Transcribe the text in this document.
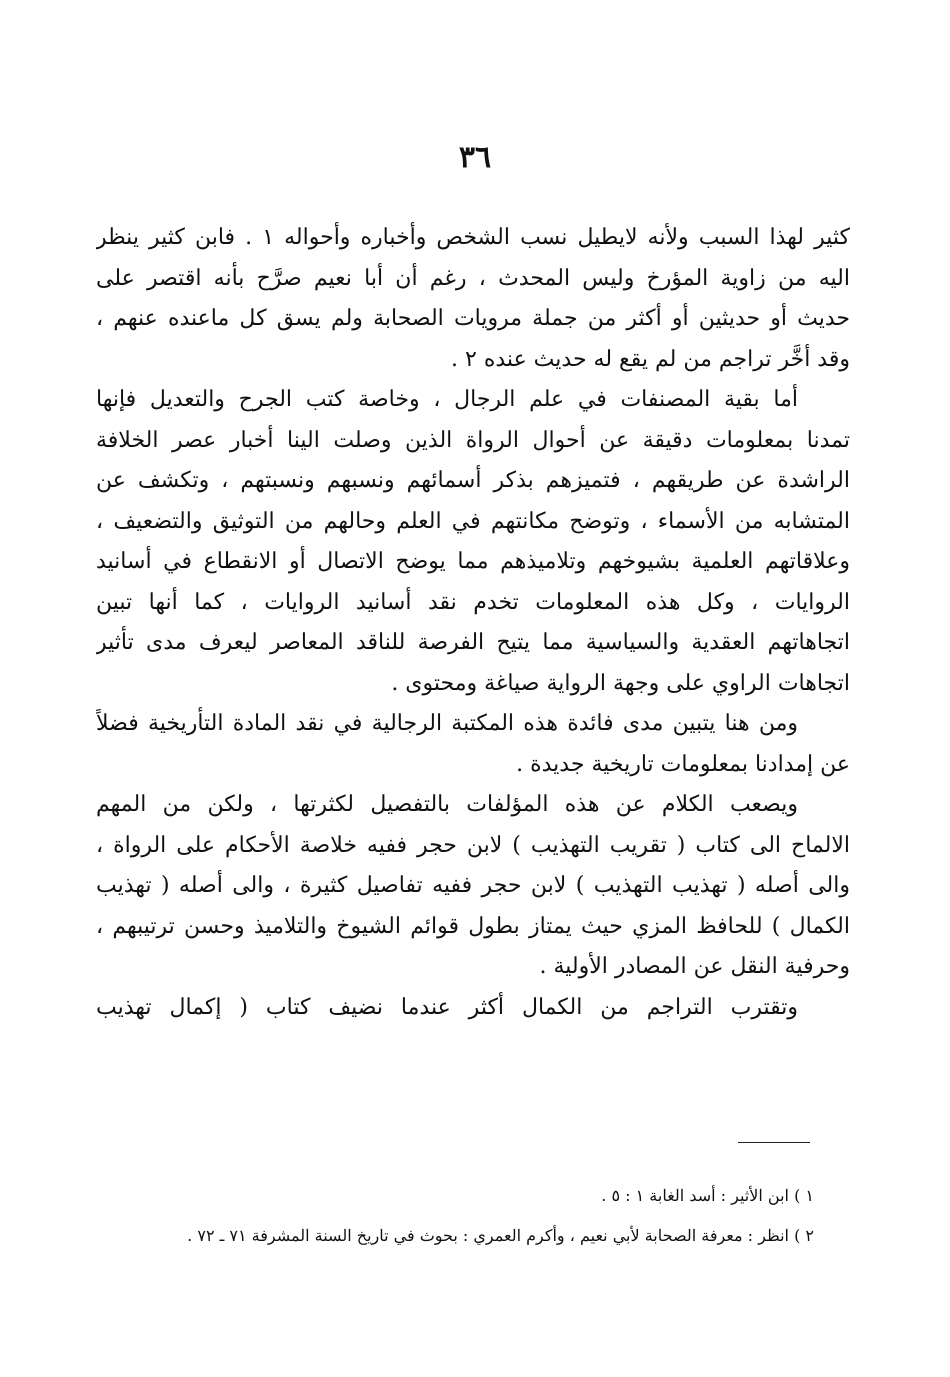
٣٦
كثير لهذا السبب ولأنه لايطيل نسب الشخص وأخباره وأحواله ١ . فابن كثير ينظر
اليه من زاوية المؤرخ وليس المحدث ، رغم أن أبا نعيم صرَّح بأنه اقتصر على
حديث أو حديثين أو أكثر من جملة مرويات الصحابة ولم يسق كل ماعنده عنهم ،
وقد أخَّر تراجم من لم يقع له حديث عنده ٢ .
أما بقية المصنفات في علم الرجال ، وخاصة كتب الجرح والتعديل فإنها
تمدنا بمعلومات دقيقة عن أحوال الرواة الذين وصلت الينا أخبار عصر الخلافة
الراشدة عن طريقهم ، فتميزهم بذكر أسمائهم ونسبهم ونسبتهم ، وتكشف عن
المتشابه من الأسماء ، وتوضح مكانتهم في العلم وحالهم من التوثيق والتضعيف ،
وعلاقاتهم العلمية بشيوخهم وتلاميذهم مما يوضح الاتصال أو الانقطاع في أسانيد
الروايات ، وكل هذه المعلومات تخدم نقد أسانيد الروايات ، كما أنها تبين
اتجاهاتهم العقدية والسياسية مما يتيح الفرصة للناقد المعاصر ليعرف مدى تأثير
اتجاهات الراوي على وجهة الرواية صياغة ومحتوى .
ومن هنا يتبين مدى فائدة هذه المكتبة الرجالية في نقد المادة التأريخية فضلاً
عن إمدادنا بمعلومات تاريخية جديدة .
ويصعب الكلام عن هذه المؤلفات بالتفصيل لكثرتها ، ولكن من المهم
الالماح الى كتاب ( تقريب التهذيب ) لابن حجر ففيه خلاصة الأحكام على الرواة ،
والى أصله ( تهذيب التهذيب ) لابن حجر ففيه تفاصيل كثيرة ، والى أصله ( تهذيب
الكمال ) للحافظ المزي حيث يمتاز بطول قوائم الشيوخ والتلاميذ وحسن ترتيبهم ،
وحرفية النقل عن المصادر الأولية .
وتقترب التراجم من الكمال أكثر عندما نضيف كتاب ( إكمال تهذيب
١ ) ابن الأثير : أسد الغابة ١ : ٥ .
٢ ) انظر : معرفة الصحابة لأبي نعيم ، وأكرم العمري : بحوث في تاريخ السنة المشرفة ٧١ ـ ٧٢ .
